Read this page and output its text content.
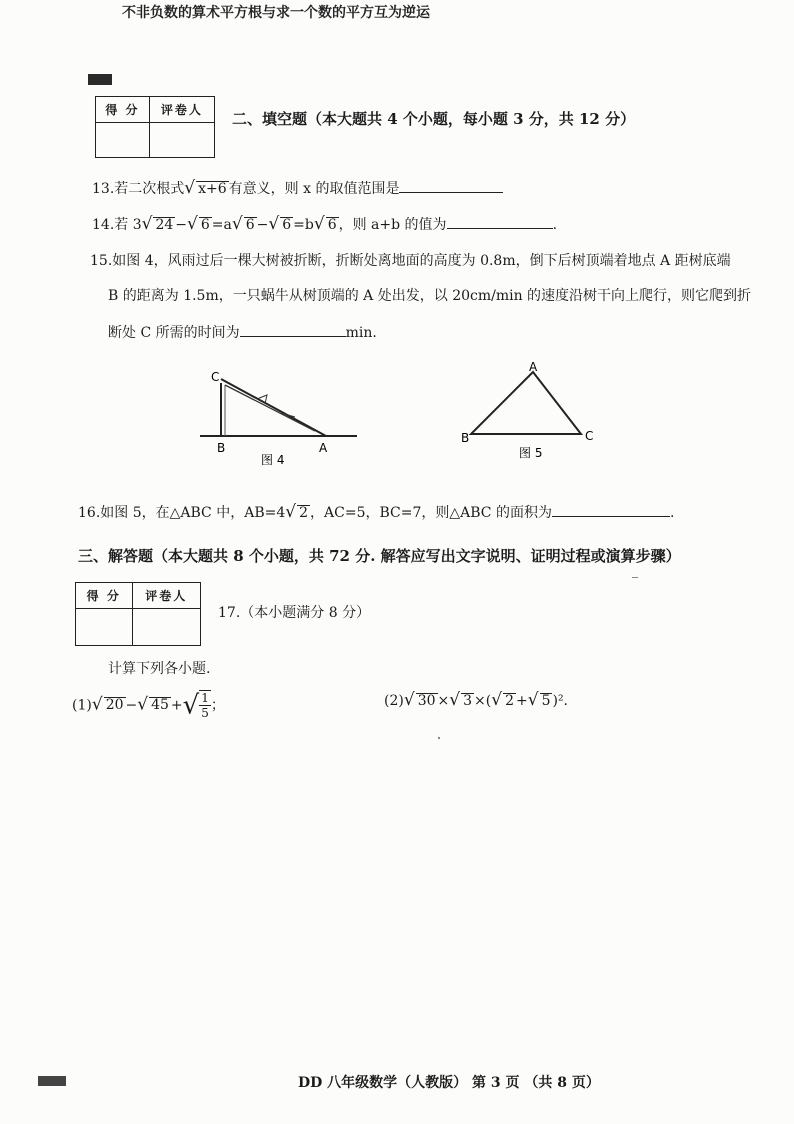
不非负数的算术平方根与求一个数的平方互为逆运
得 分	评卷人
	二、填空题（本大题共 4 个小题，每小题 3 分，共 12 分）
13.若二次根式√ x+6 有意义，则 x 的取值范围是
14.若 3√ 24 −√ 6 =a√ 6 −√ 6 =b√ 6 ，则 a+b 的值为	.
15.如图 4，风雨过后一棵大树被折断，折断处离地面的高度为 0.8m，倒下后树顶端着地点 A 距树底端
B 的距离为 1.5m，一只蜗牛从树顶端的 A 处出发，以 20cm/min 的速度沿树干向上爬行，则它爬到折
断处 C 所需的时间为	min.
C
B	A
图 4
A
B	C
图 5
16.如图 5，在△ABC 中，AB=4√ 2 ，AC=5，BC=7，则△ABC 的面积为	.
三、解答题（本大题共 8 个小题，共 72 分. 解答应写出文字说明、证明过程或演算步骤）
得 分	评卷人

17.（本小题满分 8 分）
计算下列各小题.
(1)√ 20 −√ 45 +√ $\frac{1}{5}$ ；	(2)√ 30 ×√ 3 ×(√ 2 +√ 5 )².
DD 八年级数学（人教版） 第 3 页 （共 8 页）
